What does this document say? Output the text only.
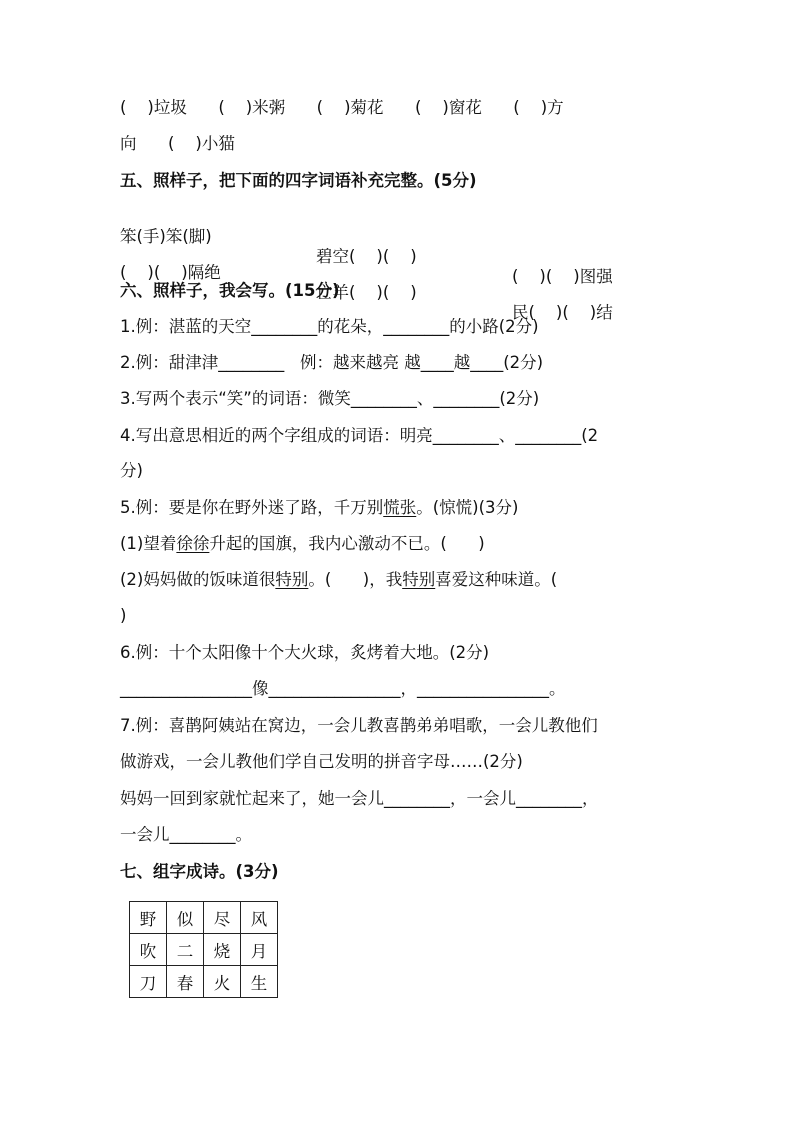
(    )垃圾      (    )米粥      (    )菊花      (    )窗花      (    )方
向      (    )小猫
五、照样子，把下面的四字词语补充完整。(5分)

笨(手)笨(脚)

碧空(    )(    )

(    )(    )图强

(    )(    )隔绝

亡羊(    )(    )

民(    )(    )结

六、照样子，我会写。(15分)
1.例：湛蓝的天空________的花朵，________的小路(2分)
2.例：甜津津________   例：越来越亮 越____越____(2分)
3.写两个表示“笑”的词语：微笑________、________(2分)
4.写出意思相近的两个字组成的词语：明亮________、________(2
分)
5.例：要是你在野外迷了路，千万别慌张。(惊慌)(3分)
(1)望着徐徐升起的国旗，我内心激动不已。(      )
(2)妈妈做的饭味道很特别。(      )，我特别喜爱这种味道。(
)
6.例：十个太阳像十个大火球，炙烤着大地。(2分)
________________像________________，________________。
7.例：喜鹊阿姨站在窝边，一会儿教喜鹊弟弟唱歌，一会儿教他们
做游戏，一会儿教他们学自己发明的拼音字母……(2分)
妈妈一回到家就忙起来了，她一会儿________，一会儿________，
一会儿________。
七、组字成诗。(3分)
野	似	尽	风
吹	二	烧	月
刀	春	火	生
